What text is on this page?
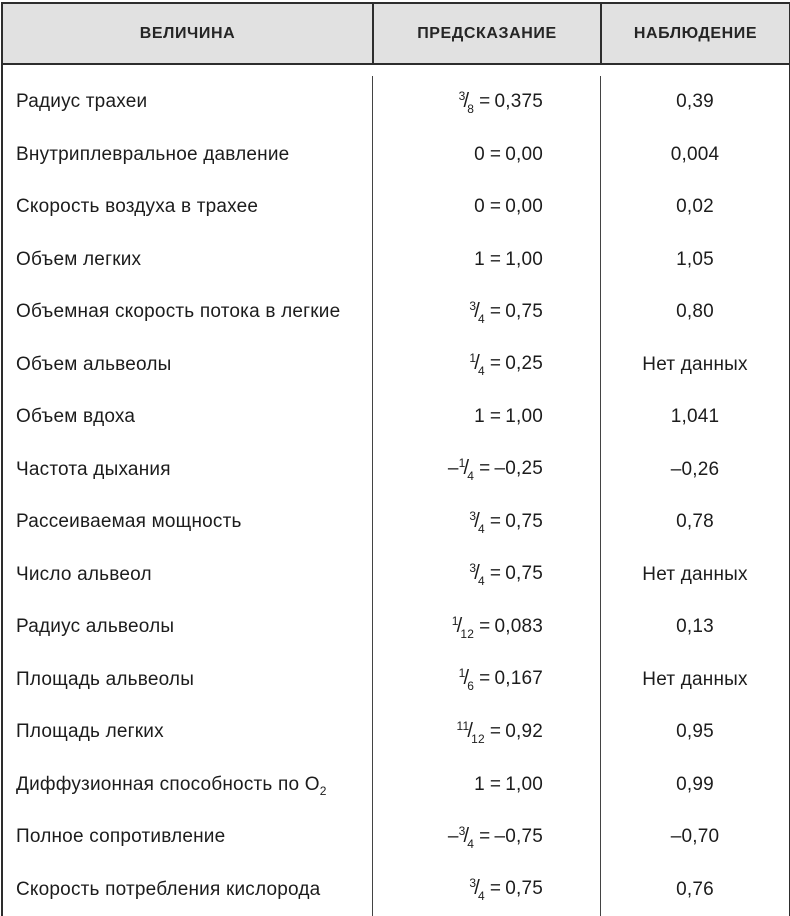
ВЕЛИЧИНА	ПРЕДСКАЗАНИЕ	НАБЛЮДЕНИЕ
Радиус трахеи	$^3/_8 = 0,375$	0,39
Внутриплевральное давление	0 = 0,00	0,004
Скорость воздуха в трахее	0 = 0,00	0,02
Объем легких	1 = 1,00	1,05
Объемная скорость потока в легкие	$^3/_4 = 0,75$	0,80
Объем альвеолы	$^1/_4 = 0,25$	Нет данных
Объем вдоха	1 = 1,00	1,041
Частота дыхания	$-^1/_4 = -0,25$	–0,26
Рассеиваемая мощность	$^3/_4 = 0,75$	0,78
Число альвеол	$^3/_4 = 0,75$	Нет данных
Радиус альвеолы	$^1/_{12} = 0,083$	0,13
Площадь альвеолы	$^1/_6 = 0,167$	Нет данных
Площадь легких	$^{11}/_{12} = 0,92$	0,95
Диффузионная способность по $O_2$	1 = 1,00	0,99
Полное сопротивление	$-^3/_4 = -0,75$	–0,70
Скорость потребления кислорода	$^3/_4 = 0,75$	0,76
